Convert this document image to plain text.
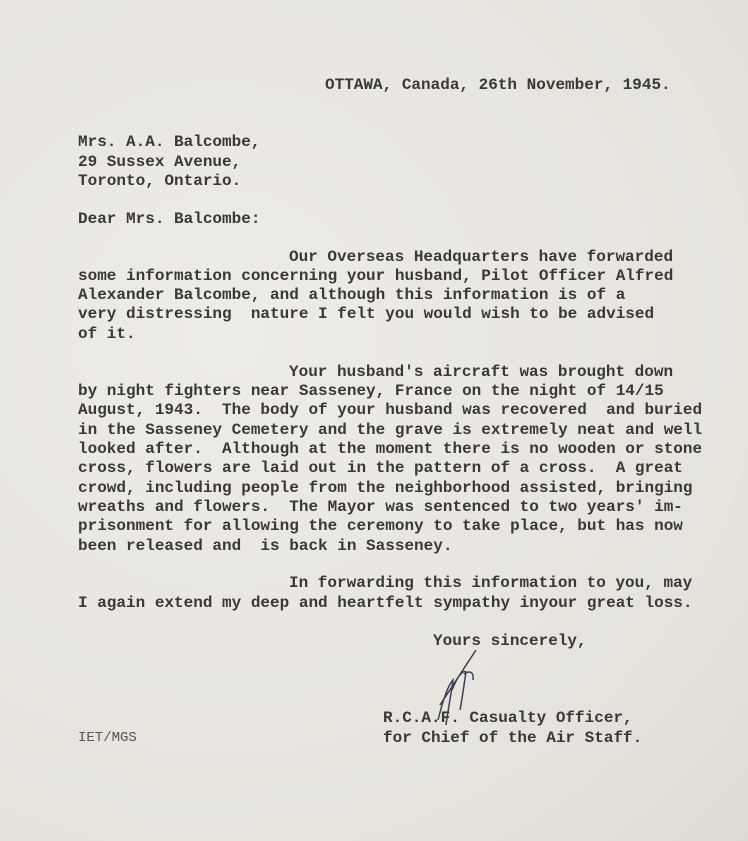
OTTAWA, Canada, 26th November, 1945.
Mrs. A.A. Balcombe,
29 Sussex Avenue,
Toronto, Ontario.
Dear Mrs. Balcombe:
Our Overseas Headquarters have forwarded
some information concerning your husband, Pilot Officer Alfred
Alexander Balcombe, and although this information is of a
very distressing  nature I felt you would wish to be advised
of it.
Your husband's aircraft was brought down
by night fighters near Sasseney, France on the night of 14/15
August, 1943.  The body of your husband was recovered  and buried
in the Sasseney Cemetery and the grave is extremely neat and well
looked after.  Although at the moment there is no wooden or stone
cross, flowers are laid out in the pattern of a cross.  A great
crowd, including people from the neighborhood assisted, bringing
wreaths and flowers.  The Mayor was sentenced to two years' im-
prisonment for allowing the ceremony to take place, but has now
been released and  is back in Sasseney.
In forwarding this information to you, may
I again extend my deep and heartfelt sympathy inyour great loss.
Yours sincerely,
R.C.A.F. Casualty Officer,
for Chief of the Air Staff.
IET/MGS
